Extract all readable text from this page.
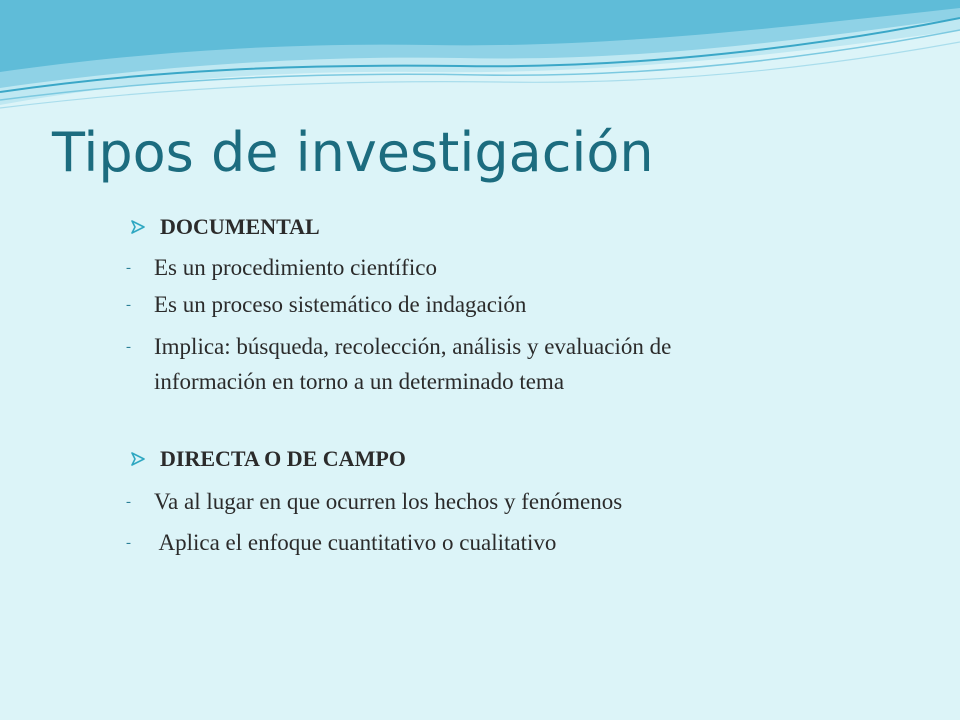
Tipos de investigación
DOCUMENTAL
- Es un procedimiento científico
- Es un proceso sistemático de indagación
- Implica: búsqueda, recolección, análisis y evaluación de
información en torno a un determinado tema
DIRECTA O DE CAMPO
- Va al lugar en que ocurren los hechos y fenómenos
- Aplica el enfoque cuantitativo o cualitativo
